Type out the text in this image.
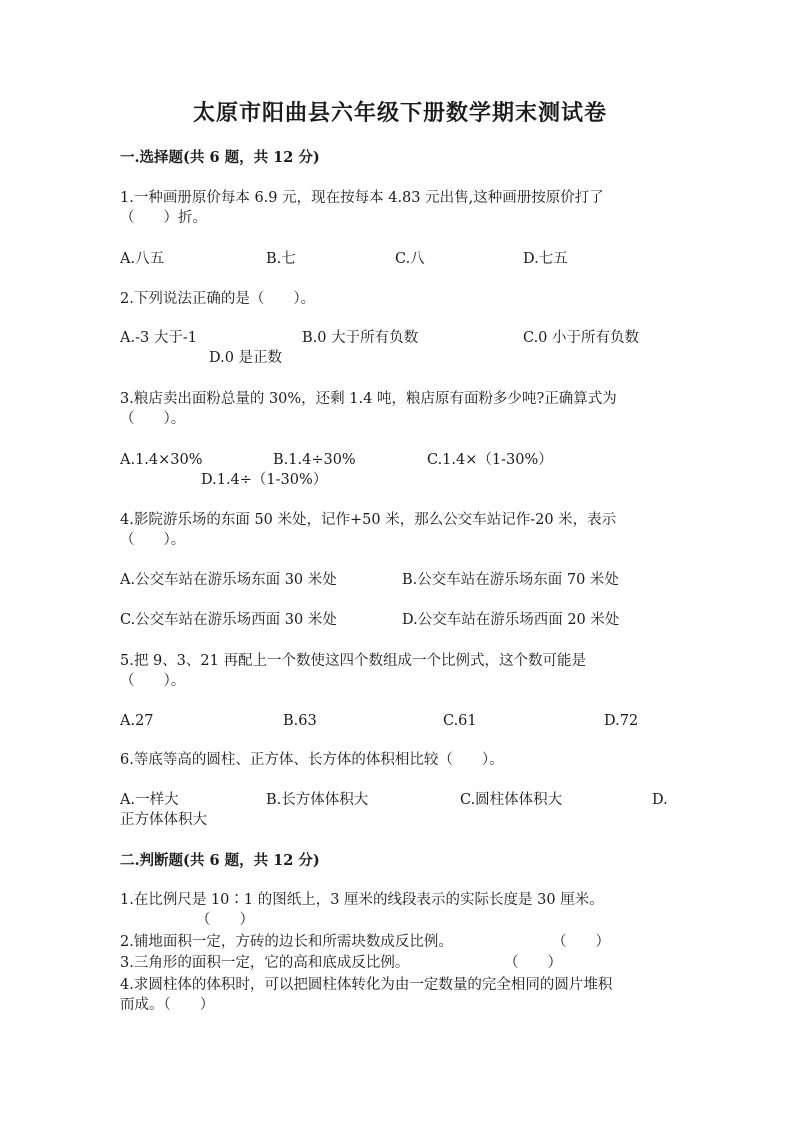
太原市阳曲县六年级下册数学期末测试卷
一.选择题(共 6 题，共 12 分)
1.一种画册原价每本 6.9 元，现在按每本 4.83 元出售,这种画册按原价打了
（　　）折。
A.八五	B.七	C.八	D.七五
2.下列说法正确的是（　　）。
A.-3 大于-1	B.0 大于所有负数	C.0 小于所有负数
D.0 是正数
3.粮店卖出面粉总量的 30%，还剩 1.4 吨，粮店原有面粉多少吨?正确算式为
（　　）。
A.1.4×30%	B.1.4÷30%	C.1.4×（1-30%）
D.1.4÷（1-30%）
4.影院游乐场的东面 50 米处，记作+50 米，那么公交车站记作-20 米，表示
（　　）。
A.公交车站在游乐场东面 30 米处	B.公交车站在游乐场东面 70 米处
C.公交车站在游乐场西面 30 米处	D.公交车站在游乐场西面 20 米处
5.把 9、3、21 再配上一个数使这四个数组成一个比例式，这个数可能是
（　　）。
A.27	B.63	C.61	D.72
6.等底等高的圆柱、正方体、长方体的体积相比较（　　）。
A.一样大	B.长方体体积大	C.圆柱体体积大	D.
正方体体积大
二.判断题(共 6 题，共 12 分)
1.在比例尺是 10∶1 的图纸上，3 厘米的线段表示的实际长度是 30 厘米。
（　　）
2.铺地面积一定，方砖的边长和所需块数成反比例。	（　　）
3.三角形的面积一定，它的高和底成反比例。	（　　）
4.求圆柱体的体积时，可以把圆柱体转化为由一定数量的完全相同的圆片堆积
而成。（　　）
